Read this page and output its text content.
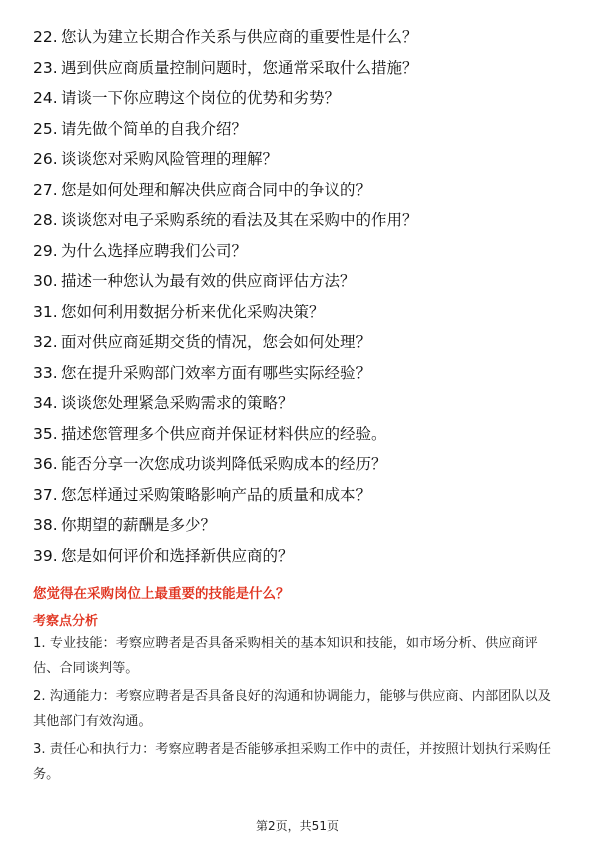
22. 您认为建立长期合作关系与供应商的重要性是什么？
23. 遇到供应商质量控制问题时，您通常采取什么措施？
24. 请谈一下你应聘这个岗位的优势和劣势？
25. 请先做个简单的自我介绍？
26. 谈谈您对采购风险管理的理解？
27. 您是如何处理和解决供应商合同中的争议的？
28. 谈谈您对电子采购系统的看法及其在采购中的作用？
29. 为什么选择应聘我们公司？
30. 描述一种您认为最有效的供应商评估方法？
31. 您如何利用数据分析来优化采购决策？
32. 面对供应商延期交货的情况，您会如何处理？
33. 您在提升采购部门效率方面有哪些实际经验？
34. 谈谈您处理紧急采购需求的策略？
35. 描述您管理多个供应商并保证材料供应的经验。
36. 能否分享一次您成功谈判降低采购成本的经历？
37. 您怎样通过采购策略影响产品的质量和成本？
38. 你期望的薪酬是多少？
39. 您是如何评价和选择新供应商的？
您觉得在采购岗位上最重要的技能是什么？
考察点分析
1. 专业技能：考察应聘者是否具备采购相关的基本知识和技能，如市场分析、供应商评估、合同谈判等。
2. 沟通能力：考察应聘者是否具备良好的沟通和协调能力，能够与供应商、内部团队以及其他部门有效沟通。
3. 责任心和执行力：考察应聘者是否能够承担采购工作中的责任，并按照计划执行采购任务。
第2页，共51页
